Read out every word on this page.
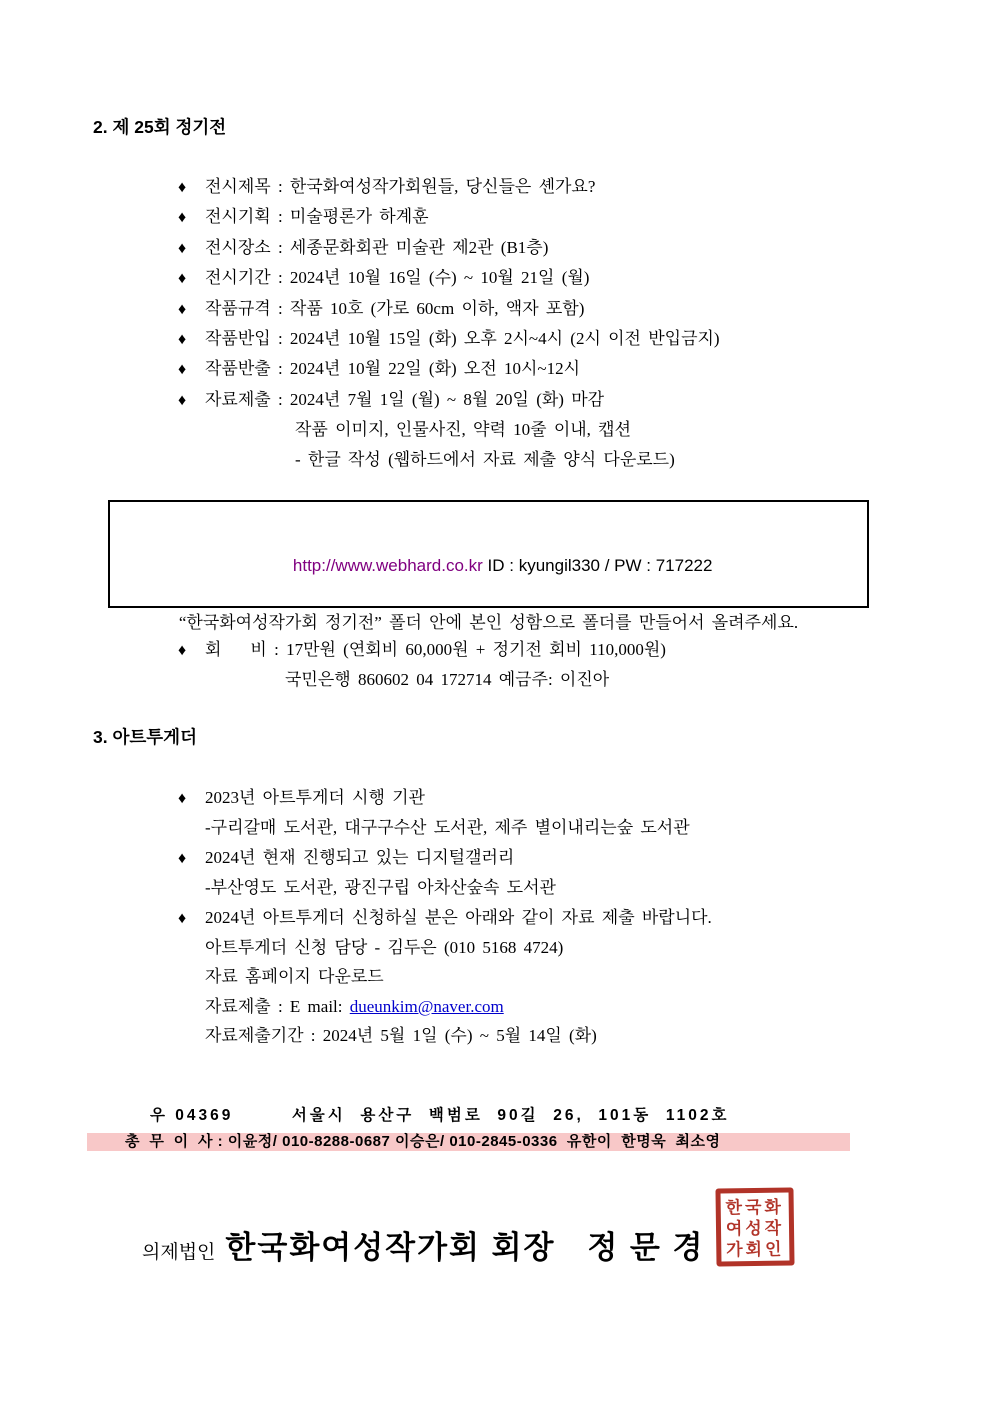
2. 제 25회 정기전
♦ 전시제목 : 한국화여성작가회원들, 당신들은 셴가요?
♦ 전시기획 : 미술평론가 하계훈
♦ 전시장소 : 세종문화회관 미술관 제2관 (B1층)
♦ 전시기간 : 2024년 10월 16일 (수) ~ 10월 21일 (월)
♦ 작품규격 : 작품 10호 (가로 60cm 이하, 액자 포함)
♦ 작품반입 : 2024년 10월 15일 (화) 오후 2시~4시 (2시 이전 반입금지)
♦ 작품반출 : 2024년 10월 22일 (화) 오전 10시~12시
♦ 자료제출 : 2024년 7월 1일 (월) ~ 8월 20일 (화) 마감
작품 이미지, 인물사진, 약력 10줄 이내, 캡션
- 한글 작성 (웹하드에서 자료 제출 양식 다운로드)

http://www.webhard.co.kr ID : kyungil330 / PW : 717222

“한국화여성작가회 정기전” 폴더 안에 본인 성함으로 폴더를 만들어서 올려주세요.
♦ 회    비 : 17만원 (연회비 60,000원 + 정기전 회비 110,000원)
국민은행 860602 04 172714 예금주: 이진아
3. 아트투게더
♦ 2023년 아트투게더 시행 기관
-구리갈매 도서관, 대구구수산 도서관, 제주 별이내리는숲 도서관
♦ 2024년 현재 진행되고 있는 디지털갤러리
-부산영도 도서관, 광진구립 아차산숲속 도서관
♦ 2024년 아트투게더 신청하실 분은 아래와 같이 자료 제출 바랍니다.
아트투게더 신청 담당 - 김두은 (010 5168 4724)
자료 홈페이지 다운로드
자료제출 : E mail: dueunkim@naver.com
자료제출기간 : 2024년 5월 1일 (수) ~ 5월 14일 (화)
우 04369        서울시  용산구  백범로  90길  26,  101동  1102호
총  무  이  사 : 이윤정/ 010-8288-0687 이승은/ 010-2845-0336  유한이  한명욱  최소영
의제법인 한국화여성작가회 회장   정 문 경
한국화
여성작
가회인
